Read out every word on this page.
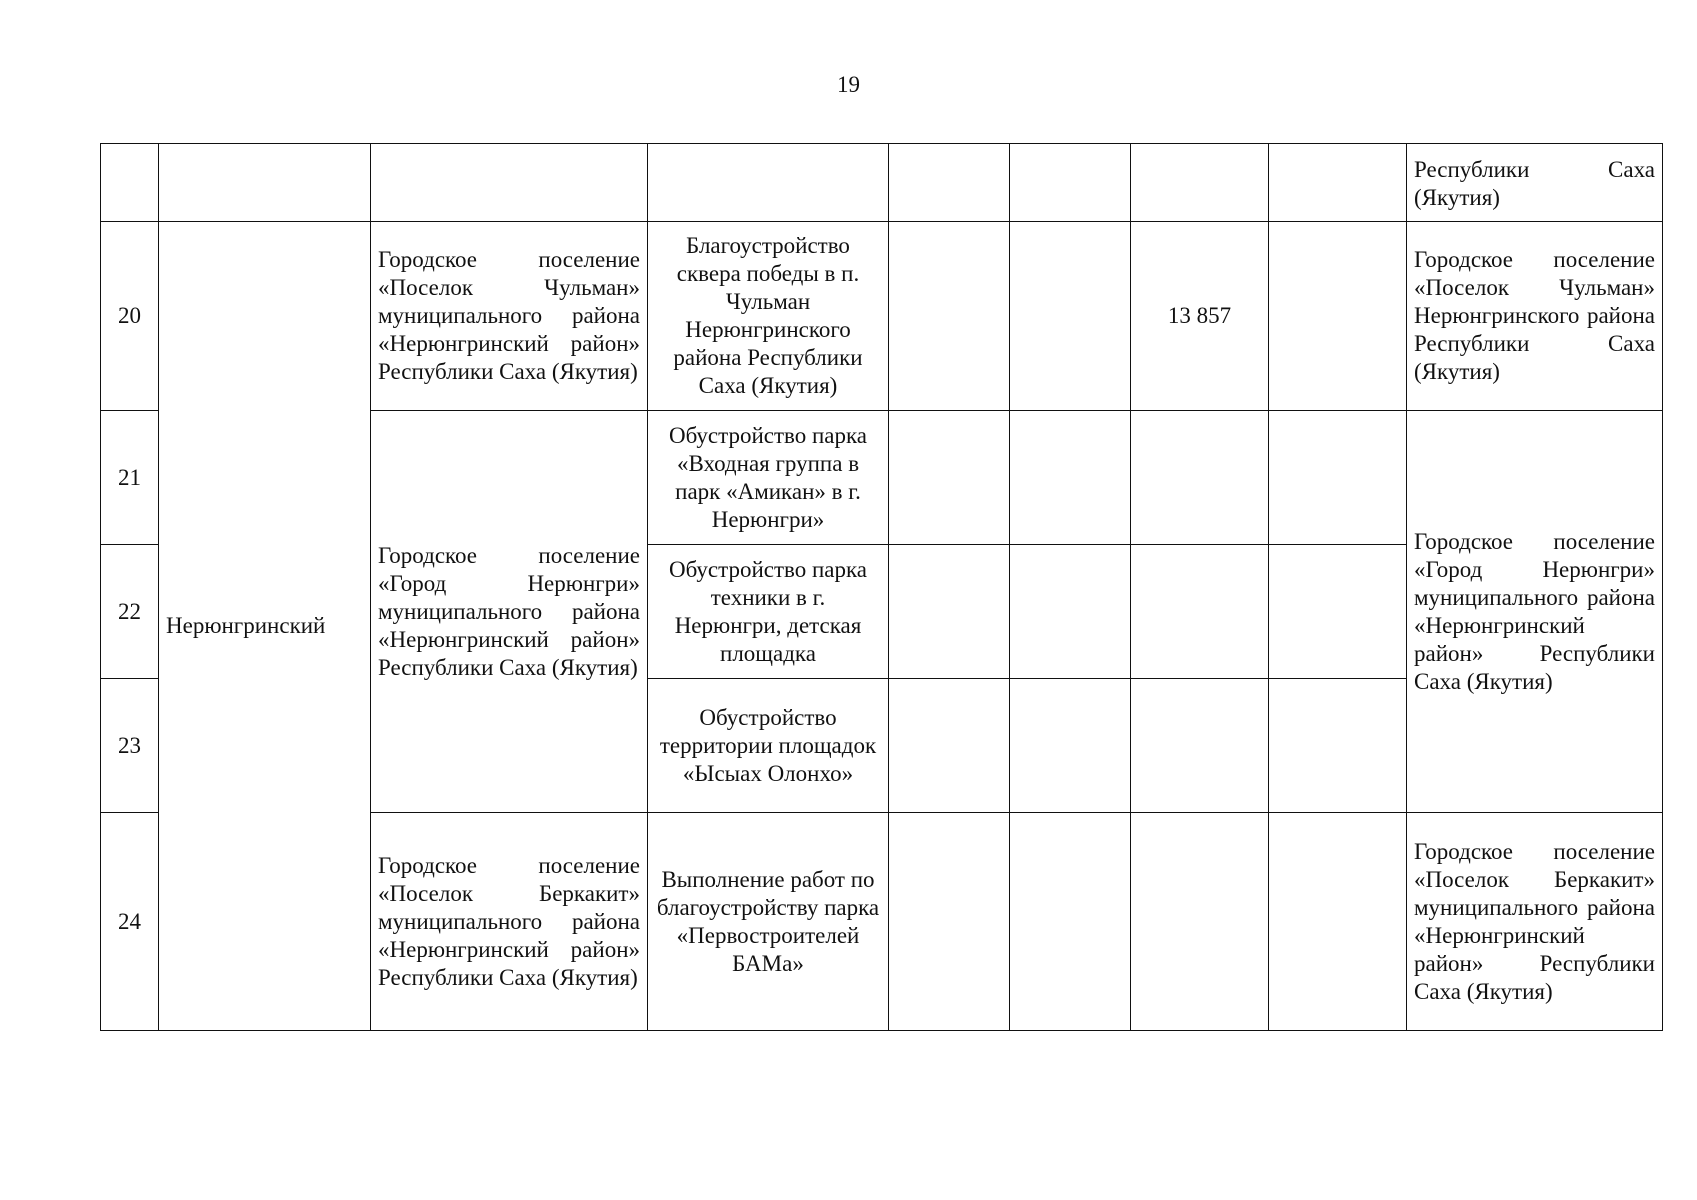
19
								Республики Саха (Якутия)
20	Нерюнгринский	Городское поселение «Поселок Чульман» муниципального района «Нерюнгринский район» Республики Саха (Якутия)	Благоустройство сквера победы в п. Чульман Нерюнгринского района Республики Саха (Якутия)			13 857		Городское поселение «Поселок Чульман» Нерюнгринского района Республики Саха (Якутия)
21		Городское поселение «Город Нерюнгри» муниципального района «Нерюнгринский район» Республики Саха (Якутия)	Обустройство парка «Входная группа в парк «Амикан» в г. Нерюнгри»					Городское поселение «Город Нерюнгри» муниципального района «Нерюнгринский район» Республики Саха (Якутия)
22			Обустройство парка техники в г. Нерюнгри, детская площадка					
23			Обустройство территории площадок «Ысыах Олонхо»					
24		Городское поселение «Поселок Беркакит» муниципального района «Нерюнгринский район» Республики Саха (Якутия)	Выполнение работ по благоустройству парка «Первостроителей БАМа»					Городское поселение «Поселок Беркакит» муниципального района «Нерюнгринский район» Республики Саха (Якутия)
